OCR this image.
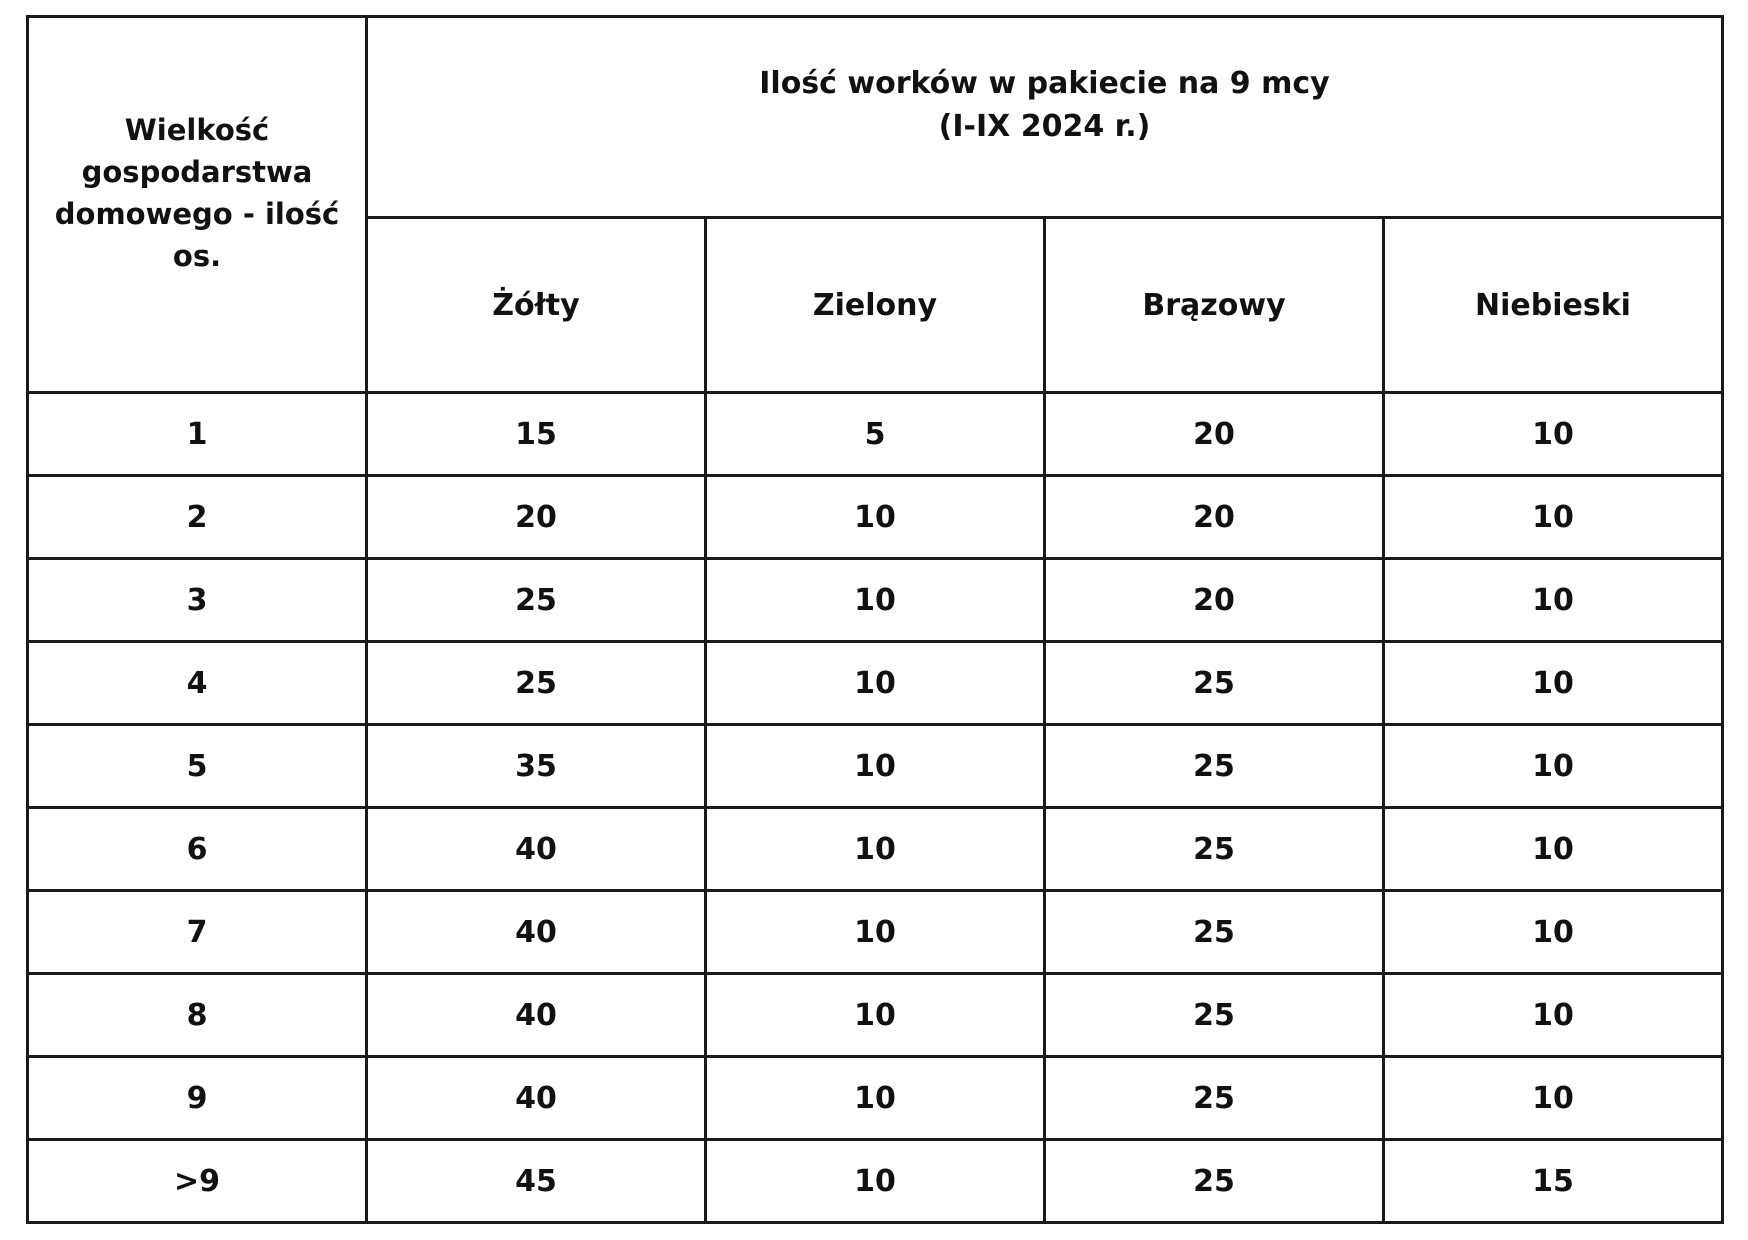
Wielkość
gospodarstwa
domowego - ilość
os.	Ilość worków w pakiecie na 9 mcy
(I-IX 2024 r.)			

	Żółty	Zielony	Brązowy	Niebieski
1	15	5	20	10
2	20	10	20	10
3	25	10	20	10
4	25	10	25	10
5	35	10	25	10
6	40	10	25	10
7	40	10	25	10
8	40	10	25	10
9	40	10	25	10
>9	45	10	25	15
